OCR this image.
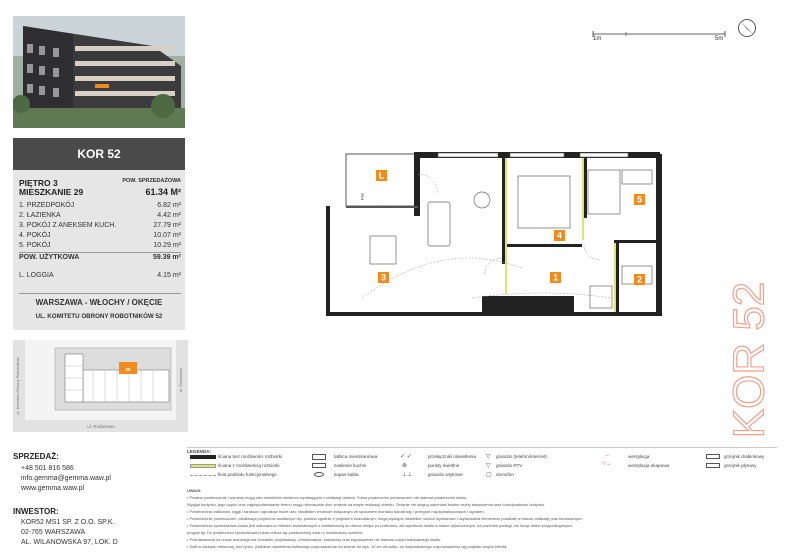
KOR 52
PIĘTRO 3	POW. SPRZEDAŻOWA
MIESZKANIE 29	61.34 M²
1. PRZEDPOKÓJ	6.82 m²
2. ŁAZIENKA	4.42 m²
3. POKÓJ Z ANEKSEM KUCH.	27.79 m²
4. POKÓJ	10.07 m²
5. POKÓJ	10.29 m²
POW. UŻYTKOWA	59.39 m²
L. LOGGIA	4.15 m²
WARSZAWA - WŁOCHY / OKĘCIE
UL. KOMITETU OBRONY ROBOTNIKÓW 52
ul. Komitetu Obrony Robotników	ul. Rodanowa
ul. Rodanowa
29
1m	5m
3	1	2
4
5
L
FIX
KOR 52
SPRZEDAŻ:
+48 501 816 586
info.gemma@gemma.waw.pl
www.gemma.waw.pl
INWESTOR:
KOR52 MS1 SP. Z O.O. SP.K.
02-765 WARSZAWA
AL. WILANOWSKA 97, LOK. D
LEGENDA:
ściana bez możliwości rozbiórki
ściana z możliwością rozbiórki
linia podziału funkcjonalnego
tablica mieszkaniowa
zasilenie kuchni
zapas kabla
✓ ✓
⊗
⊥⊥
przełączniki oświetlenia
punkty świetlne
gniazdo wtykowe
▽
▽
▢
gniazdo (telefon/internet)
gniazdo RTV
domofon
→
○→
wentylacja
wentylacja okapowa
grzejnik drabinkowy
grzejnik płytowy
UWAGI:
• Podane powierzchnie i wymiary mogą ulec niewielkim zmianom wynikającym z realizacji obiektu. Suma powierzchni pomieszczeń nie stanowi powierzchni lokalu.
Wygląd budynku, jego części oraz zagospodarowanie terenu mogą nieznacznie ulec zmianie na etapie realizacji obiektu. Zmianie nie ulegną natomiast istotne cechy świadczenia oraz funkcjonalność budynku.
• Powierzchnia balkonów, loggii i tarasów i ogródków może ulec niewielkim zmianom związanym ze sposobem montażu balustrady i przegród międzybalkonowych i ogródeń.
• Powierzchnie pomieszczeń, lokalizacja przyborów sanitarnych itp. podano zgodnie z projektem budowlanym, mogą wystąpić niewielkie różnice wymiarowe i usytuowania elementów powstałe w trakcie realizacji prac budowlanych.
• Powierzchnia sprzedażowa lokalu jest obliczana w metrach kwadratowych z dokładnością do dwóch miejsc po przecinku, dla wymiarów lokalu w stanie wykończonym, na poziomie podłogi, nie licząc listew przypodłogowych,
progów itp. Do powierzchni sprzedażowej lokalu wlicza się powierzchnię ścian z możliwością rozbiórki.
• Przedstawiona na rzucie aranżacja ma charakter przykładowy. Umeblowanie, zabudowy oraz wyposażenie nie stanowi części nabywanego lokalu.
• Sufit w lokalach betonowy, bez tynku. Zasilanie oświetlenia sufitowego poprowadzone na ścianie do wys. 10 cm od sufitu, do indywidualnego rozprowadzenia wg projektu wnętrz klienta.
